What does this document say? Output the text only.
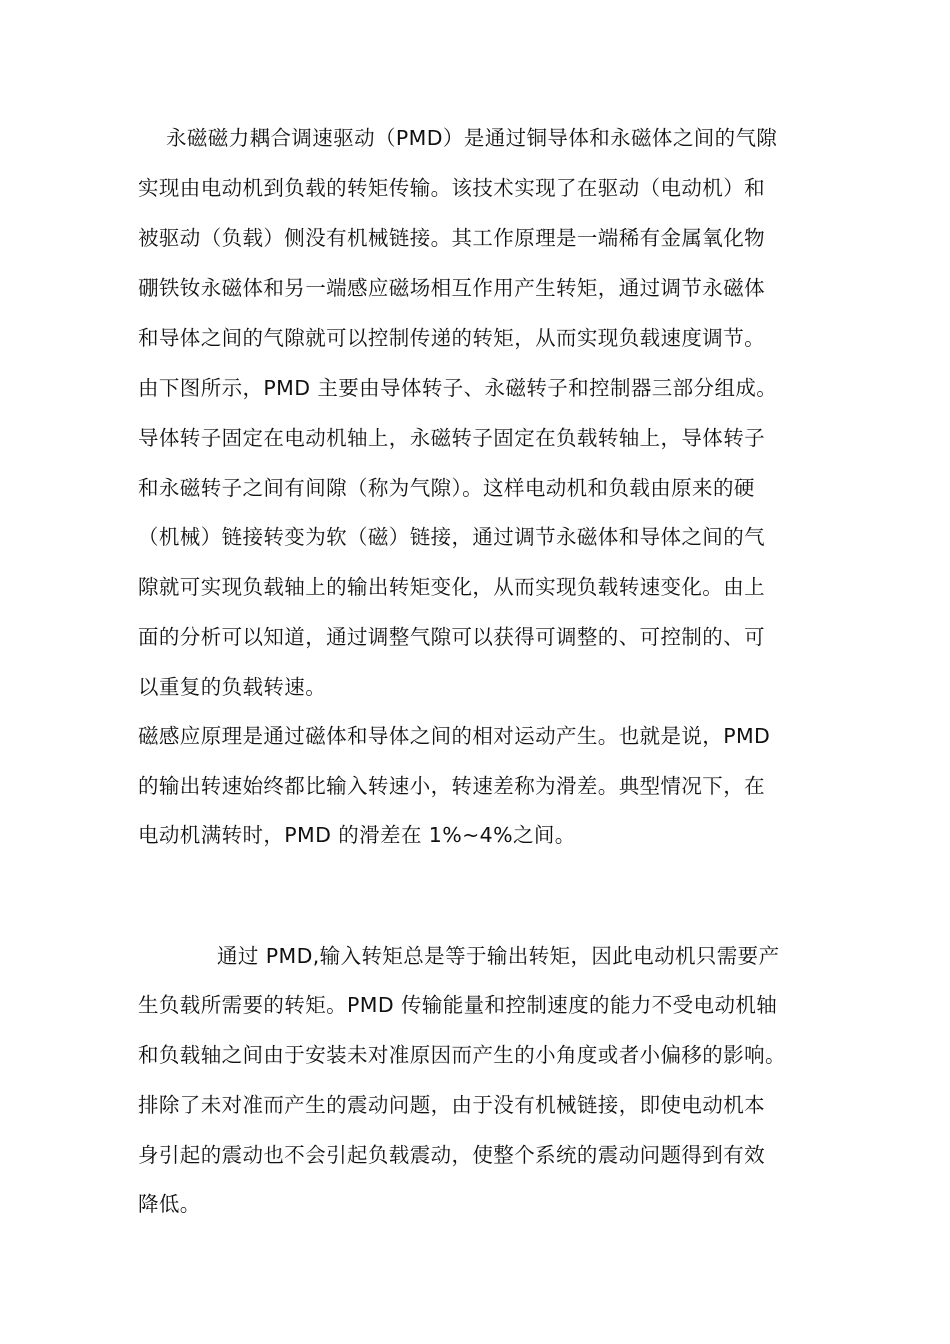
永磁磁力耦合调速驱动（PMD）是通过铜导体和永磁体之间的气隙
实现由电动机到负载的转矩传输。该技术实现了在驱动（电动机）和
被驱动（负载）侧没有机械链接。其工作原理是一端稀有金属氧化物
硼铁钕永磁体和另一端感应磁场相互作用产生转矩，通过调节永磁体
和导体之间的气隙就可以控制传递的转矩，从而实现负载速度调节。
由下图所示，PMD 主要由导体转子、永磁转子和控制器三部分组成。
导体转子固定在电动机轴上，永磁转子固定在负载转轴上，导体转子
和永磁转子之间有间隙（称为气隙）。这样电动机和负载由原来的硬
（机械）链接转变为软（磁）链接，通过调节永磁体和导体之间的气
隙就可实现负载轴上的输出转矩变化，从而实现负载转速变化。由上
面的分析可以知道，通过调整气隙可以获得可调整的、可控制的、可
以重复的负载转速。
磁感应原理是通过磁体和导体之间的相对运动产生。也就是说，PMD
的输出转速始终都比输入转速小，转速差称为滑差。典型情况下，在
电动机满转时，PMD 的滑差在 1%~4%之间。
通过 PMD,输入转矩总是等于输出转矩，因此电动机只需要产
生负载所需要的转矩。PMD 传输能量和控制速度的能力不受电动机轴
和负载轴之间由于安装未对准原因而产生的小角度或者小偏移的影响。
排除了未对准而产生的震动问题，由于没有机械链接，即使电动机本
身引起的震动也不会引起负载震动，使整个系统的震动问题得到有效
降低。
